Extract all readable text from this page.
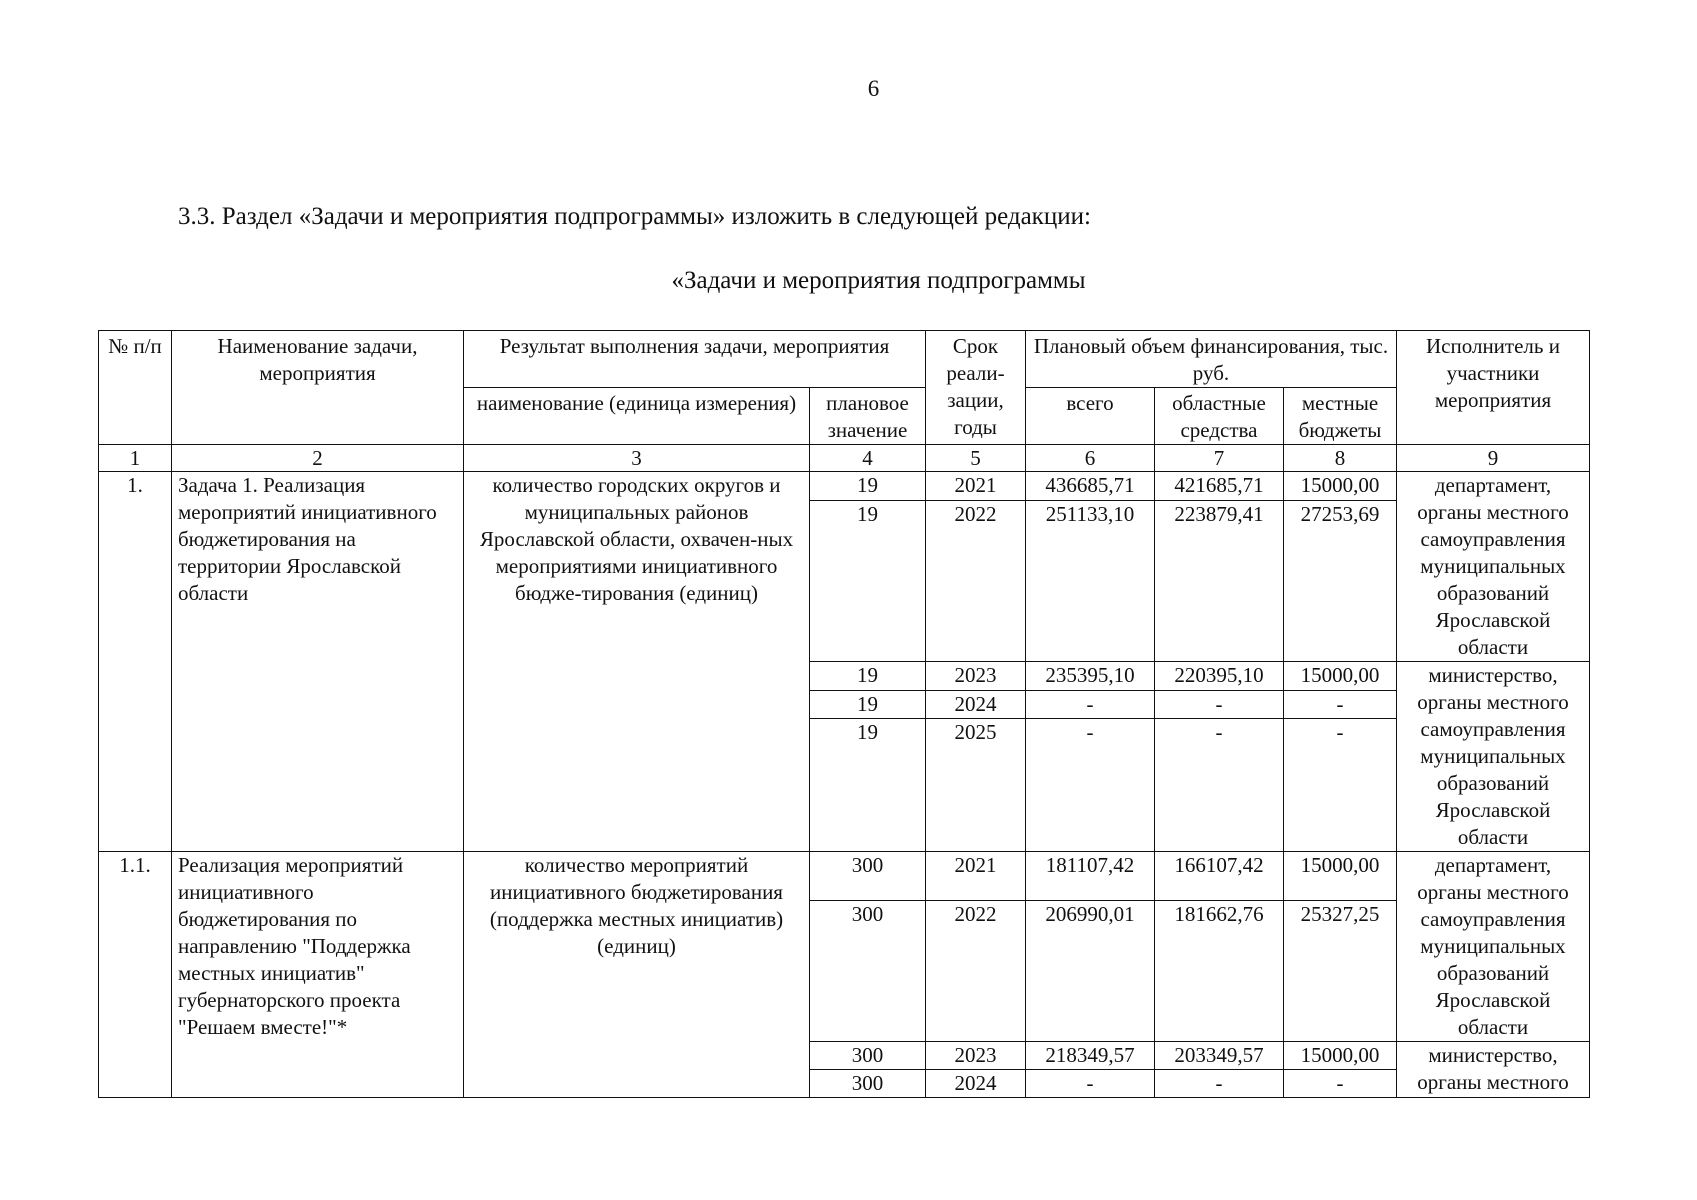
6
3.3. Раздел «Задачи и мероприятия подпрограммы» изложить в следующей редакции:
«Задачи и мероприятия подпрограммы
№ п/п	Наименование задачи, мероприятия	Результат выполнения задачи, мероприятия		Срок реали-зации, годы	Плановый объем финансирования, тыс. руб.			Исполнитель и участники мероприятия
		наименование (единица измерения)	плановое значение		всего	областные средства	местные бюджеты	
1	2	3	4	5	6	7	8	9
1.	Задача 1. Реализация мероприятий инициативного бюджетирования на территории Ярославской области	количество городских округов и муниципальных районов Ярославской области, охвачен-ных мероприятиями инициативного бюдже-тирования (единиц)	19	2021	436685,71	421685,71	15000,00	департамент, органы местного самоуправления муниципальных образований Ярославской области
			19	2022	251133,10	223879,41	27253,69	
			19	2023	235395,10	220395,10	15000,00	министерство, органы местного самоуправления муниципальных образований Ярославской области
			19	2024	-	-	-	
			19	2025	-	-	-	
1.1.	Реализация мероприятий инициативного бюджетирования по направлению "Поддержка местных инициатив" губернаторского проекта "Решаем вместе!"*	количество мероприятий инициативного бюджетирования (поддержка местных инициатив) (единиц)	300	2021	181107,42	166107,42	15000,00	департамент, органы местного самоуправления муниципальных образований Ярославской области
			300	2022	206990,01	181662,76	25327,25	
			300	2023	218349,57	203349,57	15000,00	министерство, органы местного
			300	2024	-	-	-	
